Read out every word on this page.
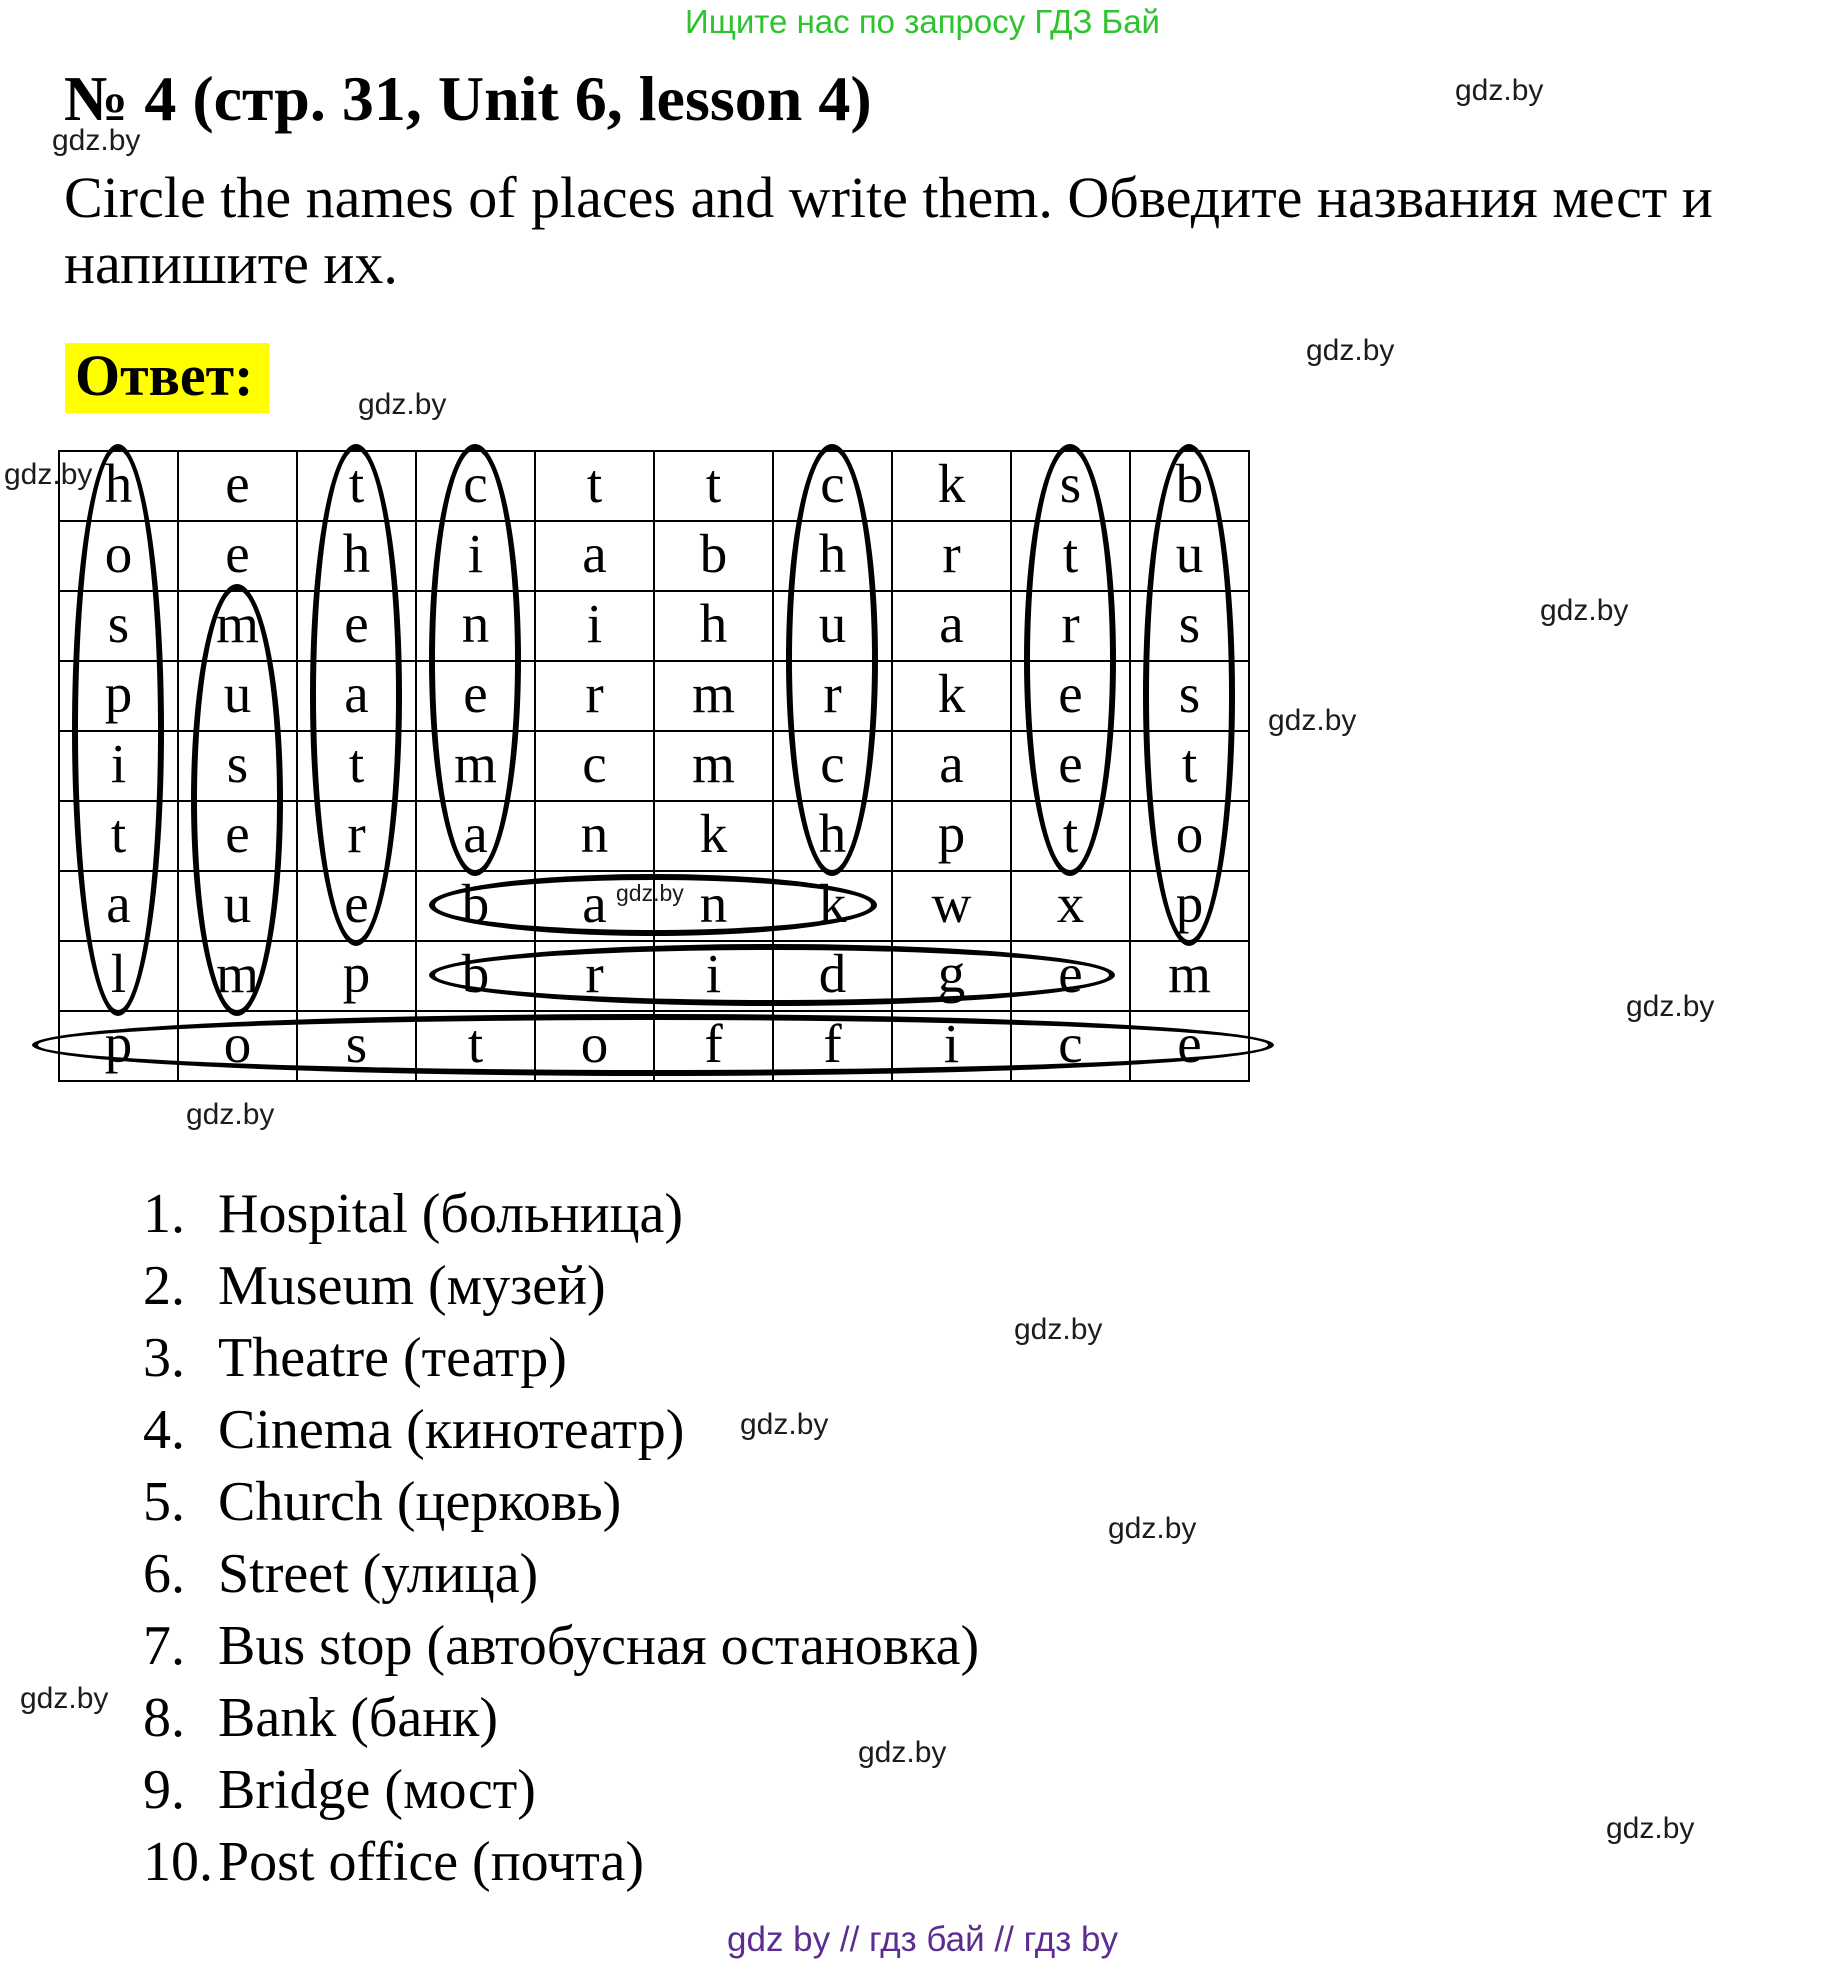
Ищите нас по запросу ГДЗ Бай
№ 4 (стр. 31, Unit 6, lesson 4)
Circle the names of places and write them. Обведите названия мест и
напишите их.
Ответ:
h	e	t	c	t	t	c	k	s	b
o	e	h	i	a	b	h	r	t	u
s	m	e	n	i	h	u	a	r	s
p	u	a	e	r	m	r	k	e	s
i	s	t	m	c	m	c	a	e	t
t	e	r	a	n	k	h	p	t	o
a	u	e	b	a	n	k	w	x	p
l	m	p	b	r	i	d	g	e	m
p	o	s	t	o	f	f	i	c	e
1. Hospital (больница)
2. Museum (музей)
3. Theatre (театр)
4. Cinema (кинотеатр)
5. Church (церковь)
6. Street (улица)
7. Bus stop (автобусная остановка)
8. Bank (банк)
9. Bridge (мост)
10.Post office (почта)
gdz.by
gdz.by
gdz.by
gdz.by
gdz.by
gdz.by
gdz.by
gdz.by
gdz.by
gdz.by
gdz.by
gdz.by
gdz.by
gdz.by
gdz.by
gdz.by
gdz by // гдз бай // гдз by
